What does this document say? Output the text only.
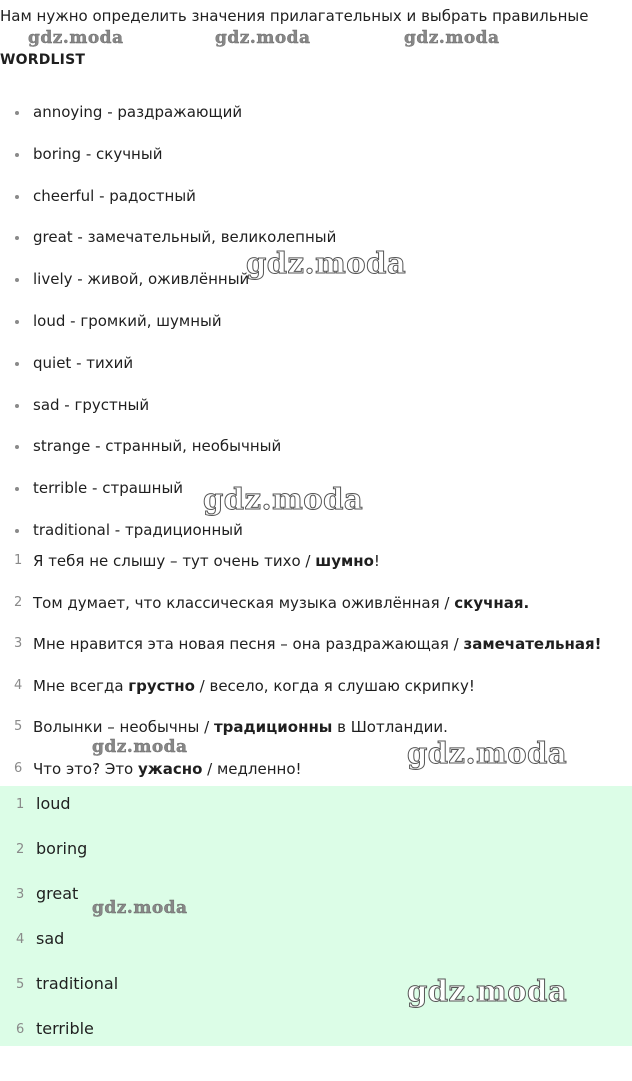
Нам нужно определить значения прилагательных и выбрать правильные
gdz.moda	gdz.moda	gdz.moda
WORDLIST
annoying - раздражающий
boring - скучный
cheerful - радостный
great - замечательный, великолепный
lively - живой, оживлённый
loud - громкий, шумный
quiet - тихий
sad - грустный
strange - странный, необычный
terrible - страшный
traditional - традиционный
1 Я тебя не слышу – тут очень тихо / шумно!
2 Том думает, что классическая музыка оживлённая / скучная.
3 Мне нравится эта новая песня – она раздражающая / замечательная!
4 Мне всегда грустно / весело, когда я слушаю скрипку!
5 Волынки – необычны / традиционны в Шотландии.
6 Что это? Это ужасно / медленно!
1 loud
2 boring
3 great
4 sad
5 traditional
6 terrible
gdz.moda
gdz.moda
gdz.moda	gdz.moda
gdz.moda
gdz.moda
